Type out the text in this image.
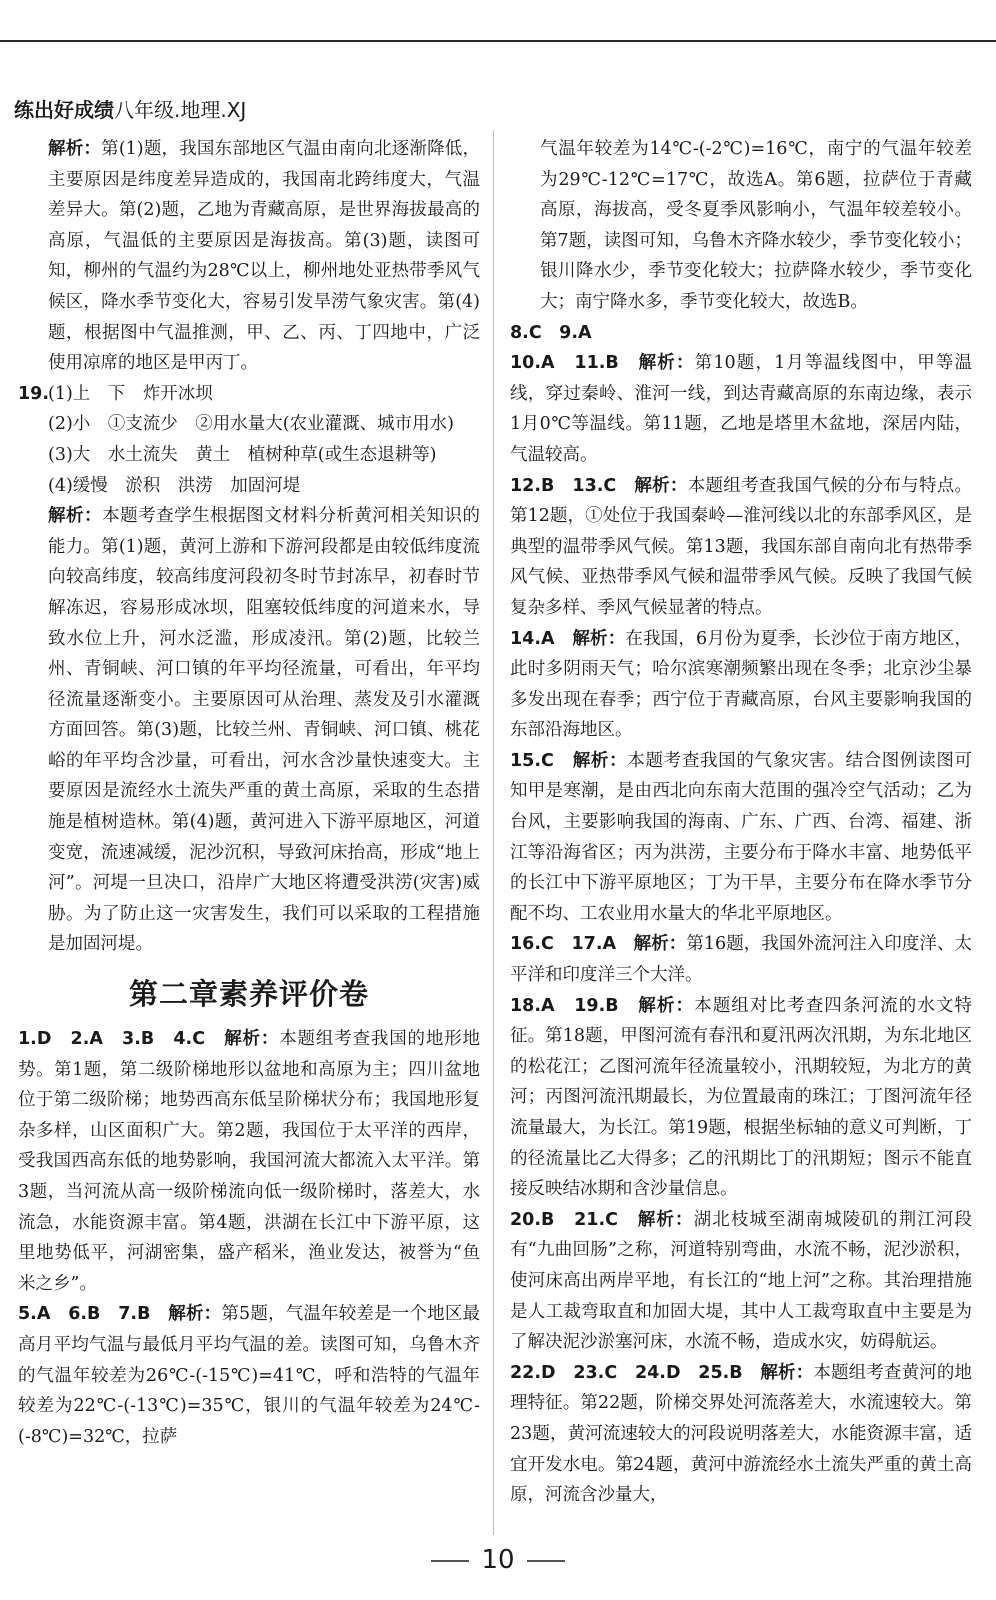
练出好成绩八年级.地理.XJ

解析：第(1)题，我国东部地区气温由南向北逐渐降低，主要原因是纬度差异造成的，我国南北跨纬度大，气温差异大。第(2)题，乙地为青藏高原，是世界海拔最高的高原，气温低的主要原因是海拔高。第(3)题，读图可知，柳州的气温约为28℃以上，柳州地处亚热带季风气候区，降水季节变化大，容易引发旱涝气象灾害。第(4)题，根据图中气温推测，甲、乙、丙、丁四地中，广泛使用凉席的地区是甲丙丁。

19.
(1)上　下　炸开冰坝

(2)小　①支流少　②用水量大(农业灌溉、城市用水)

(3)大　水土流失　黄土　植树种草(或生态退耕等)

(4)缓慢　淤积　洪涝　加固河堤

解析：本题考查学生根据图文材料分析黄河相关知识的能力。第(1)题，黄河上游和下游河段都是由较低纬度流向较高纬度，较高纬度河段初冬时节封冻早，初春时节解冻迟，容易形成冰坝，阻塞较低纬度的河道来水，导致水位上升，河水泛滥，形成凌汛。第(2)题，比较兰州、青铜峡、河口镇的年平均径流量，可看出，年平均径流量逐渐变小。主要原因可从治理、蒸发及引水灌溉方面回答。第(3)题，比较兰州、青铜峡、河口镇、桃花峪的年平均含沙量，可看出，河水含沙量快速变大。主要原因是流经水土流失严重的黄土高原，采取的生态措施是植树造林。第(4)题，黄河进入下游平原地区，河道变宽，流速减缓，泥沙沉积，导致河床抬高，形成“地上河”。河堤一旦决口，沿岸广大地区将遭受洪涝(灾害)威胁。为了防止这一灾害发生，我们可以采取的工程措施是加固河堤。

第二章素养评价卷

1.D　2.A　3.B　4.C　 解析：本题组考查我国的地形地势。第1题，第二级阶梯地形以盆地和高原为主；四川盆地位于第二级阶梯；地势西高东低呈阶梯状分布；我国地形复杂多样，山区面积广大。第2题，我国位于太平洋的西岸，受我国西高东低的地势影响，我国河流大都流入太平洋。第3题，当河流从高一级阶梯流向低一级阶梯时，落差大，水流急，水能资源丰富。第4题，洪湖在长江中下游平原，这里地势低平，河湖密集，盛产稻米，渔业发达，被誉为“鱼米之乡”。

5.A　6.B　7.B　 解析：第5题，气温年较差是一个地区最高月平均气温与最低月平均气温的差。读图可知，乌鲁木齐的气温年较差为26℃-(-15℃)=41℃，呼和浩特的气温年较差为22℃-(-13℃)=35℃，银川的气温年较差为24℃-(-8℃)=32℃，拉萨

气温年较差为14℃-(-2℃)=16℃，南宁的气温年较差为29℃-12℃=17℃，故选A。第6题，拉萨位于青藏高原，海拔高，受冬夏季风影响小，气温年较差较小。第7题，读图可知，乌鲁木齐降水较少，季节变化较小；银川降水少，季节变化较大；拉萨降水较少，季节变化大；南宁降水多，季节变化较大，故选B。

8.C　9.A

10.A　11.B　 解析：第10题，1月等温线图中，甲等温线，穿过秦岭、淮河一线，到达青藏高原的东南边缘，表示1月0℃等温线。第11题，乙地是塔里木盆地，深居内陆，气温较高。

12.B　13.C　 解析：本题组考查我国气候的分布与特点。第12题，①处位于我国秦岭—淮河线以北的东部季风区，是典型的温带季风气候。第13题，我国东部自南向北有热带季风气候、亚热带季风气候和温带季风气候。反映了我国气候复杂多样、季风气候显著的特点。

14.A　 解析：在我国，6月份为夏季，长沙位于南方地区，此时多阴雨天气；哈尔滨寒潮频繁出现在冬季；北京沙尘暴多发出现在春季；西宁位于青藏高原，台风主要影响我国的东部沿海地区。

15.C　 解析：本题考查我国的气象灾害。结合图例读图可知甲是寒潮，是由西北向东南大范围的强冷空气活动；乙为台风，主要影响我国的海南、广东、广西、台湾、福建、浙江等沿海省区；丙为洪涝，主要分布于降水丰富、地势低平的长江中下游平原地区；丁为干旱，主要分布在降水季节分配不均、工农业用水量大的华北平原地区。

16.C　17.A　 解析：第16题，我国外流河注入印度洋、太平洋和印度洋三个大洋。

18.A　19.B　 解析：本题组对比考查四条河流的水文特征。第18题，甲图河流有春汛和夏汛两次汛期，为东北地区的松花江；乙图河流年径流量较小，汛期较短，为北方的黄河；丙图河流汛期最长，为位置最南的珠江；丁图河流年径流量最大，为长江。第19题，根据坐标轴的意义可判断，丁的径流量比乙大得多；乙的汛期比丁的汛期短；图示不能直接反映结冰期和含沙量信息。

20.B　21.C　 解析：湖北枝城至湖南城陵矶的荆江河段有“九曲回肠”之称，河道特别弯曲，水流不畅，泥沙淤积，使河床高出两岸平地，有长江的“地上河”之称。其治理措施是人工裁弯取直和加固大堤，其中人工裁弯取直中主要是为了解决泥沙淤塞河床，水流不畅，造成水灾，妨碍航运。

22.D　23.C　24.D　25.B　 解析：本题组考查黄河的地理特征。第22题，阶梯交界处河流落差大，水流速较大。第23题，黄河流速较大的河段说明落差大，水能资源丰富，适宜开发水电。第24题，黄河中游流经水土流失严重的黄土高原，河流含沙量大，

10
